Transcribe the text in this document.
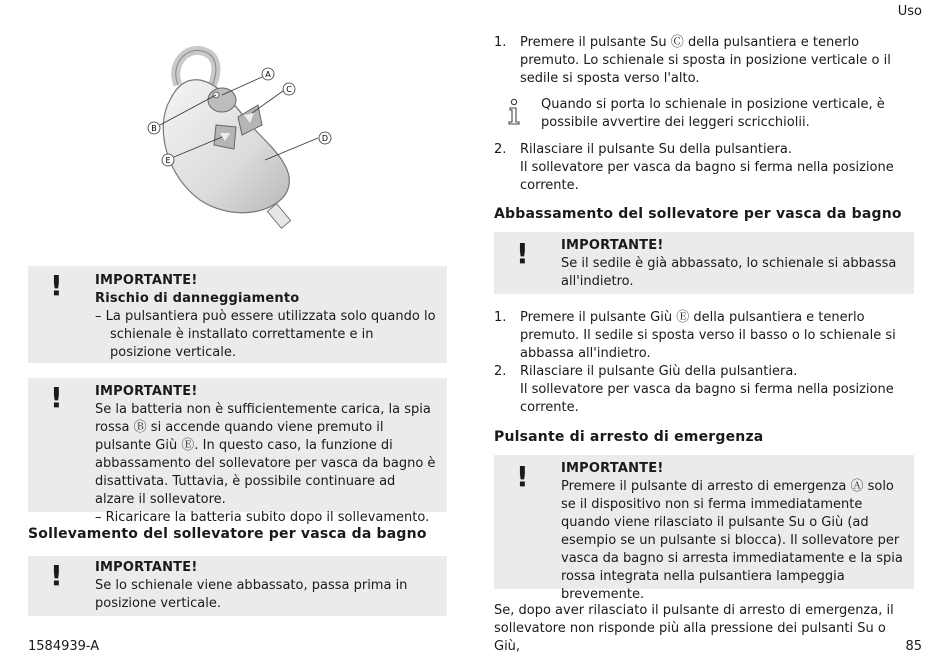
Uso
A
C
B
E
D
! IMPORTANTE!

Rischio di danneggiamento

– La pulsantiera può essere utilizzata solo quando lo schienale è installato correttamente e in posizione verticale.

! IMPORTANTE!

Se la batteria non è sufficientemente carica, la spia rossa Ⓑ si accende quando viene premuto il pulsante Giù Ⓔ. In questo caso, la funzione di abbassamento del sollevatore per vasca da bagno è disattivata. Tuttavia, è possibile continuare ad alzare il sollevatore.

– Ricaricare la batteria subito dopo il sollevamento.

Sollevamento del sollevatore per vasca da bagno
! IMPORTANTE!

Se lo schienale viene abbassato, passa prima in posizione verticale.

1.	Premere il pulsante Su Ⓒ della pulsantiera e tenerlo premuto. Lo schienale si sposta in posizione verticale o il sedile si sposta verso l'alto.
Quando si porta lo schienale in posizione verticale, è possibile avvertire dei leggeri scricchiolii.
2.	Rilasciare il pulsante Su della pulsantiera.

Il sollevatore per vasca da bagno si ferma nella posizione corrente.

Abbassamento del sollevatore per vasca da bagno
! IMPORTANTE!

Se il sedile è già abbassato, lo schienale si abbassa all'indietro.

1.	Premere il pulsante Giù Ⓔ della pulsantiera e tenerlo premuto. Il sedile si sposta verso il basso o lo schienale si abbassa all'indietro.
2.	Rilasciare il pulsante Giù della pulsantiera.

Il sollevatore per vasca da bagno si ferma nella posizione corrente.

Pulsante di arresto di emergenza
! IMPORTANTE!

Premere il pulsante di arresto di emergenza Ⓐ solo se il dispositivo non si ferma immediatamente quando viene rilasciato il pulsante Su o Giù (ad esempio se un pulsante si blocca). Il sollevatore per vasca da bagno si arresta immediatamente e la spia rossa integrata nella pulsantiera lampeggia brevemente.

Se, dopo aver rilasciato il pulsante di arresto di emergenza, il sollevatore non risponde più alla pressione dei pulsanti Su o Giù,
1584939-A	85
